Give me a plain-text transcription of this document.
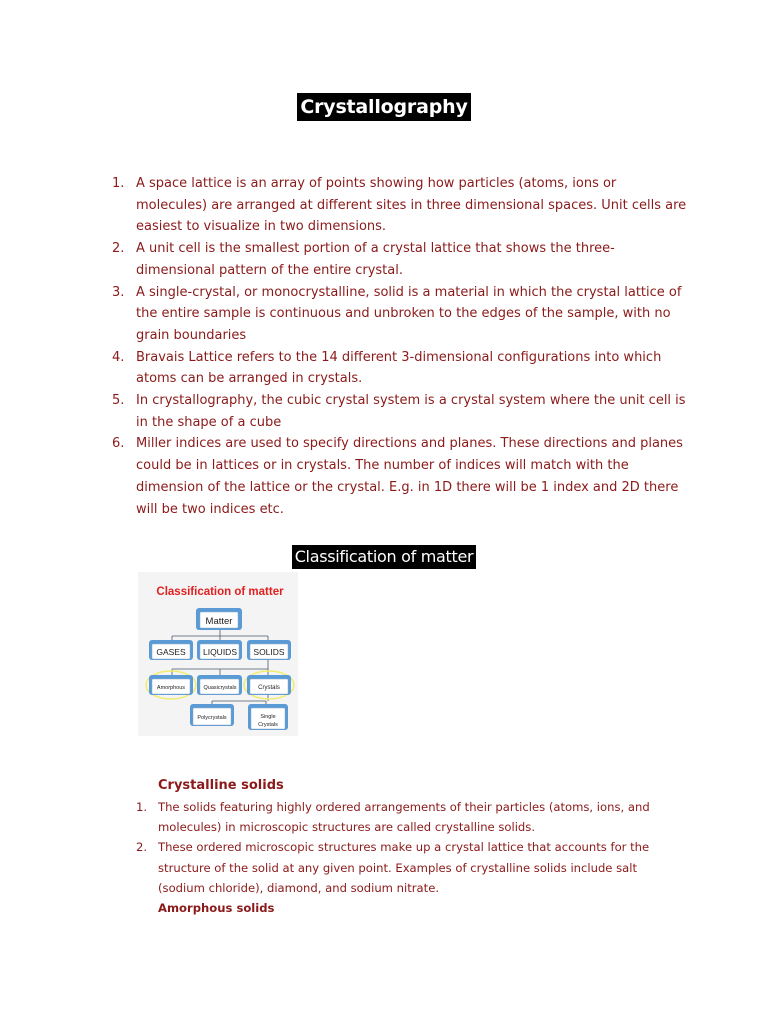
Crystallography
1. A space lattice is an array of points showing how particles (atoms, ions or molecules) are arranged at different sites in three dimensional spaces. Unit cells are easiest to visualize in two dimensions.
2. A unit cell is the smallest portion of a crystal lattice that shows the three-dimensional pattern of the entire crystal.
3. A single-crystal, or monocrystalline, solid is a material in which the crystal lattice of the entire sample is continuous and unbroken to the edges of the sample, with no grain boundaries
4. Bravais Lattice refers to the 14 different 3-dimensional configurations into which atoms can be arranged in crystals.
5. In crystallography, the cubic crystal system is a crystal system where the unit cell is in the shape of a cube
6. Miller indices are used to specify directions and planes. These directions and planes could be in lattices or in crystals. The number of indices will match with the dimension of the lattice or the crystal. E.g. in 1D there will be 1 index and 2D there will be two indices etc.
Classification of matter
Classification of matter
Matter
GASES LIQUIDS SOLIDS
Amorphous	Quasicrystals	Crystals
Polycrystals	Single
Crystals
Crystalline solids
1. The solids featuring highly ordered arrangements of their particles (atoms, ions, and molecules) in microscopic structures are called crystalline solids.
2. These ordered microscopic structures make up a crystal lattice that accounts for the structure of the solid at any given point. Examples of crystalline solids include salt (sodium chloride), diamond, and sodium nitrate.
Amorphous solids
